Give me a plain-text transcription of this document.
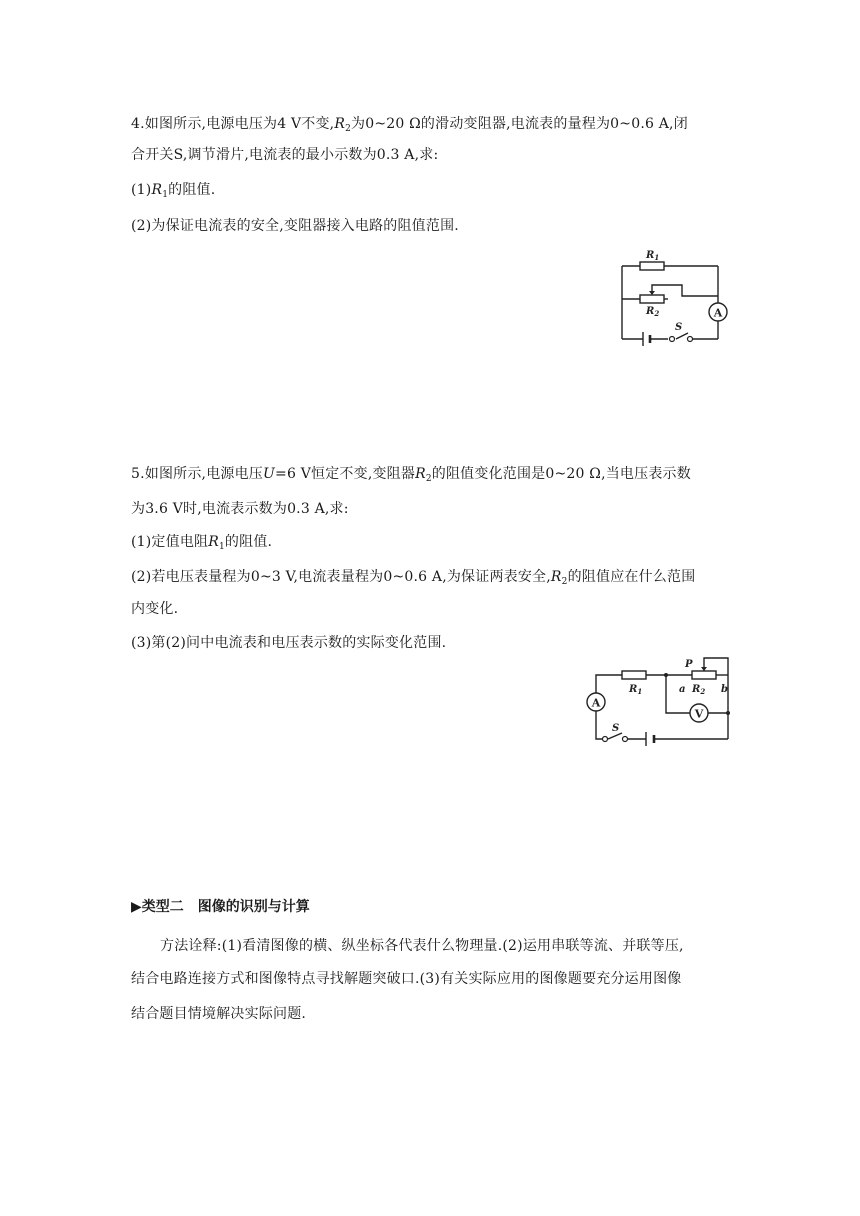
4.如图所示,电源电压为4 V不变$,R_2$为0~20 Ω的滑动变阻器,电流表的量程为0~0.6 A,闭
合开关S,调节滑片,电流表的最小示数为0.3 A,求:
$(1)R_1$的阻值.
(2)为保证电流表的安全,变阻器接入电路的阻值范围.
A
$R_1$
$R_2$
S
5.如图所示,电源电压U=6 V恒定不变,变阻器$R_2$的阻值变化范围是0~20 Ω,当电压表示数
为3.6 V时,电流表示数为0.3 A,求:
(1)定值电阻$R_1$的阻值.
(2)若电压表量程为0~3 V,电流表量程为0~0.6 A,为保证两表安全$,R_2$的阻值应在什么范围
内变化.
(3)第(2)问中电流表和电压表示数的实际变化范围.
A
V
$R_1$	$R_2$
P
a	b
S
▶类型二　图像的识别与计算
方法诠释:(1)看清图像的横、纵坐标各代表什么物理量.(2)运用串联等流、并联等压,
结合电路连接方式和图像特点寻找解题突破口.(3)有关实际应用的图像题要充分运用图像
结合题目情境解决实际问题.
